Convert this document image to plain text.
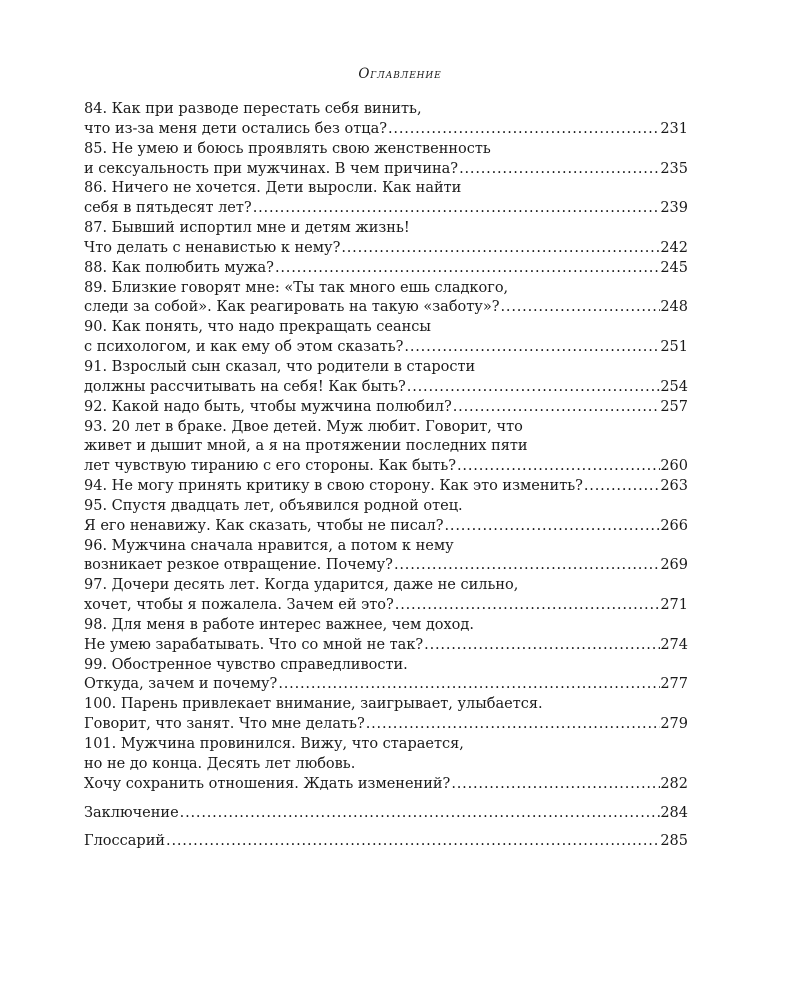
Оглавление
84. Как при разводе перестать себя винить,
что из-за меня дети остались без отца? . . .	231
85. Не умею и боюсь проявлять свою женственность
и сексуальность при мужчинах. В чем причина? . . .	235
86. Ничего не хочется. Дети выросли. Как найти
себя в пятьдесят лет? . . .	239
87. Бывший испортил мне и детям жизнь!
Что делать с ненавистью к нему? . . .	242
88. Как полюбить мужа? . . .	245
89. Близкие говорят мне: «Ты так много ешь сладкого,
следи за собой». Как реагировать на такую «заботу»? . . .	248
90. Как понять, что надо прекращать сеансы
с психологом, и как ему об этом сказать? . . .	251
91. Взрослый сын сказал, что родители в старости
должны рассчитывать на себя! Как быть? . . .	254
92. Какой надо быть, чтобы мужчина полюбил? . . .	257
93. 20 лет в браке. Двое детей. Муж любит. Говорит, что
живет и дышит мной, а я на протяжении последних пяти
лет чувствую тиранию с его стороны. Как быть? . . .	260
94. Не могу принять критику в свою сторону. Как это изменить? . . .	263
95. Спустя двадцать лет, объявился родной отец.
Я его ненавижу. Как сказать, чтобы не писал? . . .	266
96. Мужчина сначала нравится, а потом к нему
возникает резкое отвращение. Почему? . . .	269
97. Дочери десять лет. Когда ударится, даже не сильно,
хочет, чтобы я пожалела. Зачем ей это? . . .	271
98. Для меня в работе интерес важнее, чем доход.
Не умею зарабатывать. Что со мной не так? . . .	274
99. Обостренное чувство справедливости.
Откуда, зачем и почему? . . .	277
100. Парень привлекает внимание, заигрывает, улыбается.
Говорит, что занят. Что мне делать? . . .	279
101. Мужчина провинился. Вижу, что старается,
но не до конца. Десять лет любовь.
Хочу сохранить отношения. Ждать изменений? . . .	282
Заключение . . .	284
Глоссарий . . .	285
